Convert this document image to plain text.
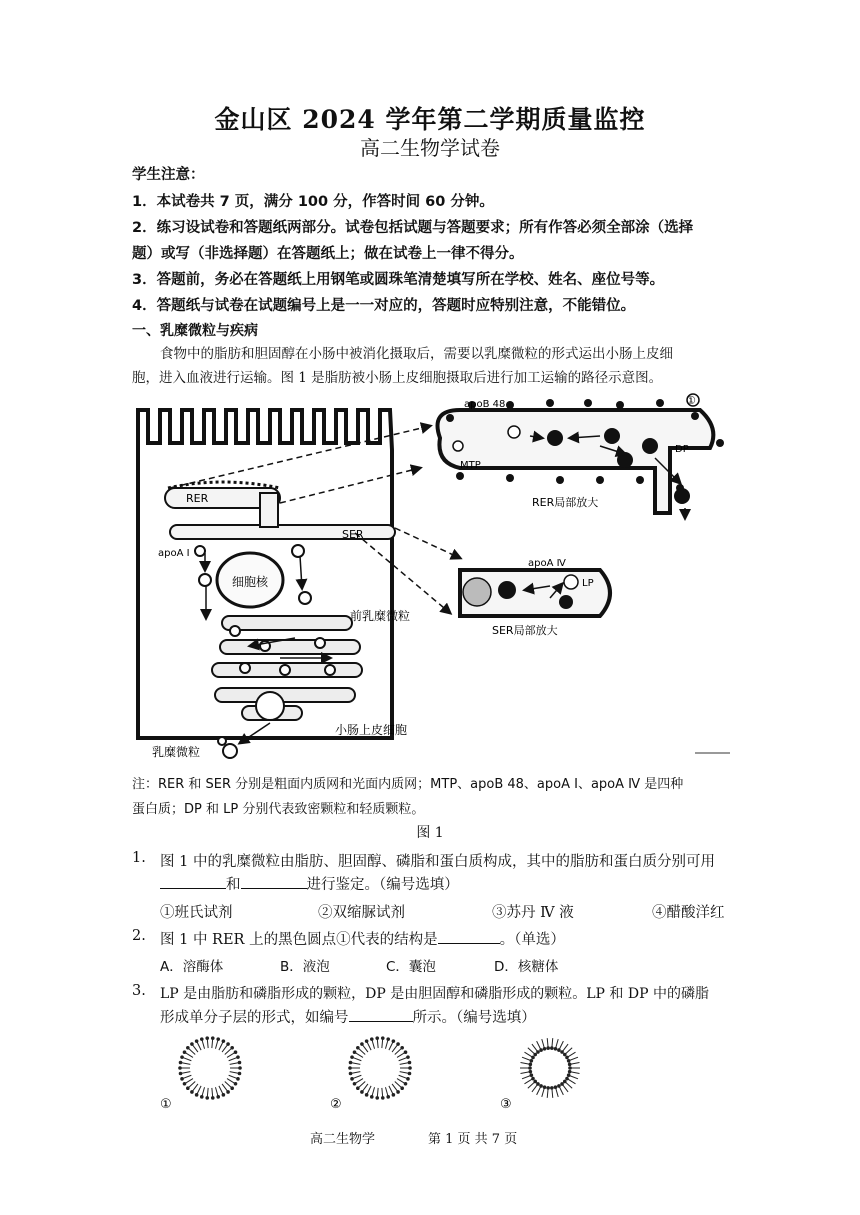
金山区 2024 学年第二学期质量监控
高二生物学试卷
学生注意：
1．本试卷共 7 页，满分 100 分，作答时间 60 分钟。
2．练习设试卷和答题纸两部分。试卷包括试题与答题要求；所有作答必须全部涂（选择
题）或写（非选择题）在答题纸上；做在试卷上一律不得分。
3．答题前，务必在答题纸上用钢笔或圆珠笔清楚填写所在学校、姓名、座位号等。
4．答题纸与试卷在试题编号上是一一对应的，答题时应特别注意，不能错位。
一、乳糜微粒与疾病
食物中的脂肪和胆固醇在小肠中被消化摄取后，需要以乳糜微粒的形式运出小肠上皮细
胞，进入血液进行运输。图 1 是脂肪被小肠上皮细胞摄取后进行加工运输的路径示意图。
RER
SER
apoA Ⅰ
细胞核
前乳糜微粒
小肠上皮细胞
乳糜微粒
apoB 48	①
DP
MTP
RER局部放大
apoA Ⅳ
LP
SER局部放大
注：RER 和 SER 分别是粗面内质网和光面内质网；MTP、apoB 48、apoA Ⅰ、apoA Ⅳ 是四种
蛋白质；DP 和 LP 分别代表致密颗粒和轻质颗粒。
图 1
1. 图 1 中的乳糜微粒由脂肪、胆固醇、磷脂和蛋白质构成，其中的脂肪和蛋白质分别可用
和	进行鉴定。（编号选填）
①班氏试剂	②双缩脲试剂	③苏丹 Ⅳ 液	④醋酸洋红
2. 图 1 中 RER 上的黑色圆点①代表的结构是	。（单选）
A．溶酶体	B．液泡	C．囊泡	D．核糖体
3. LP 是由脂肪和磷脂形成的颗粒，DP 是由胆固醇和磷脂形成的颗粒。LP 和 DP 中的磷脂
形成单分子层的形式，如编号	所示。（编号选填）
①	②	③
高二生物学	第 1 页 共 7 页
